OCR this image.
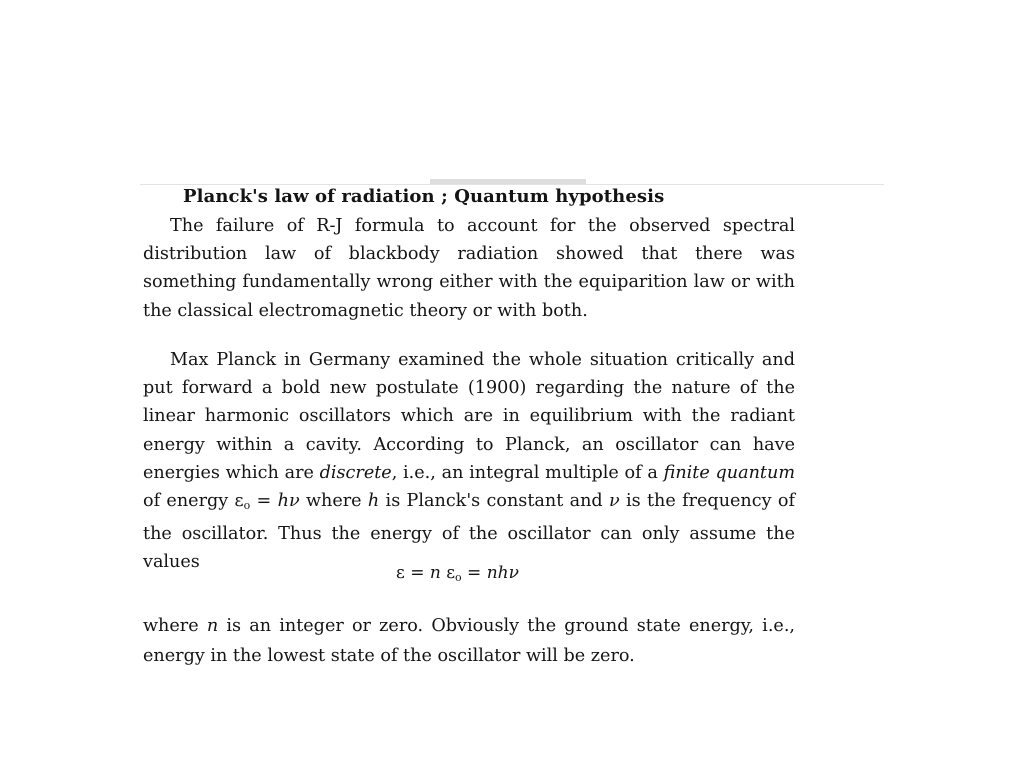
Planck's law of radiation ; Quantum hypothesis

The failure of R-J formula to account for the observed spectral distribution law of blackbody radiation showed that there was something fundamentally wrong either with the equiparition law or with the classical electromagnetic theory or with both.

Max Planck in Germany examined the whole situation critically and put forward a bold new postulate (1900) regarding the nature of the linear harmonic oscillators which are in equilibrium with the radiant energy within a cavity. According to Planck, an oscillator can have energies which are discrete, i.e., an integral multiple of a finite quantum of energy $\varepsilon_o = h\nu$ where h is Planck's constant and ν is the frequency of the oscillator. Thus the energy of the oscillator can only assume the values

ε = n $\varepsilon_o = nh\nu$

where n is an integer or zero. Obviously the ground state energy, i.e., energy in the lowest state of the oscillator will be zero.
